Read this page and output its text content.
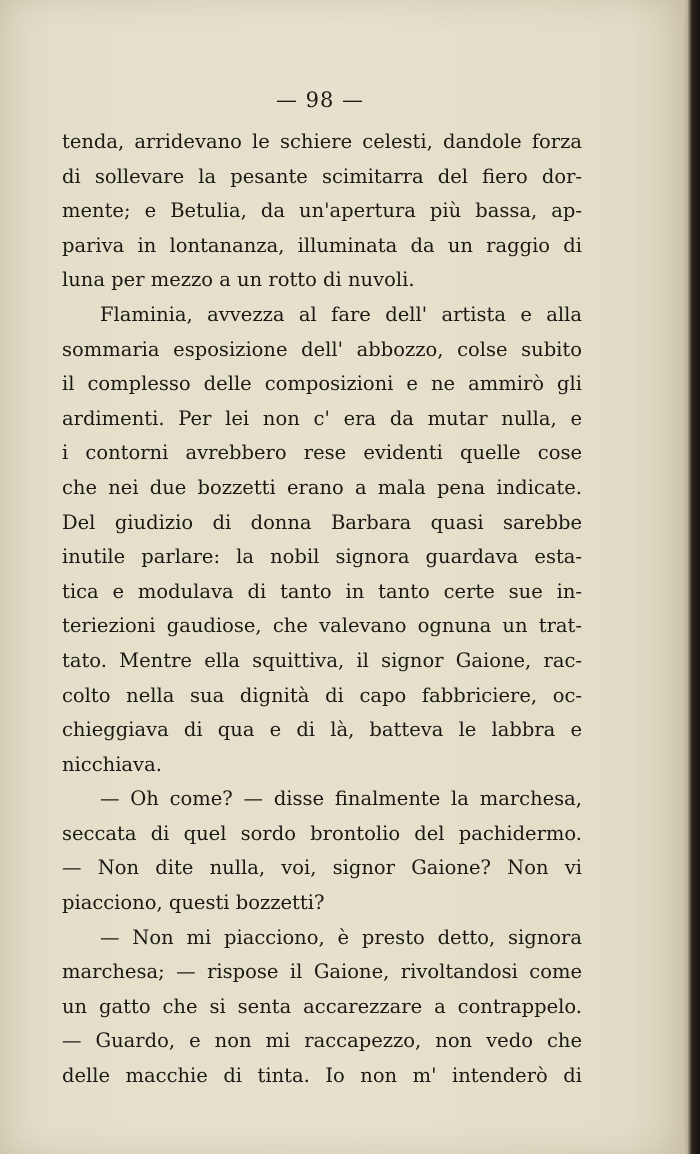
— 98 —
tenda, arridevano le schiere celesti, dandole forza
di sollevare la pesante scimitarra del fiero dor-
mente; e Betulia, da un'apertura più bassa, ap-
pariva in lontananza, illuminata da un raggio di
luna per mezzo a un rotto di nuvoli.
Flaminia, avvezza al fare dell' artista e alla
sommaria esposizione dell' abbozzo, colse subito
il complesso delle composizioni e ne ammirò gli
ardimenti. Per lei non c' era da mutar nulla, e
i contorni avrebbero rese evidenti quelle cose
che nei due bozzetti erano a mala pena indicate.
Del giudizio di donna Barbara quasi sarebbe
inutile parlare: la nobil signora guardava esta-
tica e modulava di tanto in tanto certe sue in-
teriezioni gaudiose, che valevano ognuna un trat-
tato. Mentre ella squittiva, il signor Gaione, rac-
colto nella sua dignità di capo fabbriciere, oc-
chieggiava di qua e di là, batteva le labbra e
nicchiava.
— Oh come? — disse finalmente la marchesa,
seccata di quel sordo brontolio del pachidermo.
— Non dite nulla, voi, signor Gaione? Non vi
piacciono, questi bozzetti?
— Non mi piacciono, è presto detto, signora
marchesa; — rispose il Gaione, rivoltandosi come
un gatto che si senta accarezzare a contrappelo.
— Guardo, e non mi raccapezzo, non vedo che
delle macchie di tinta. Io non m' intenderò di
